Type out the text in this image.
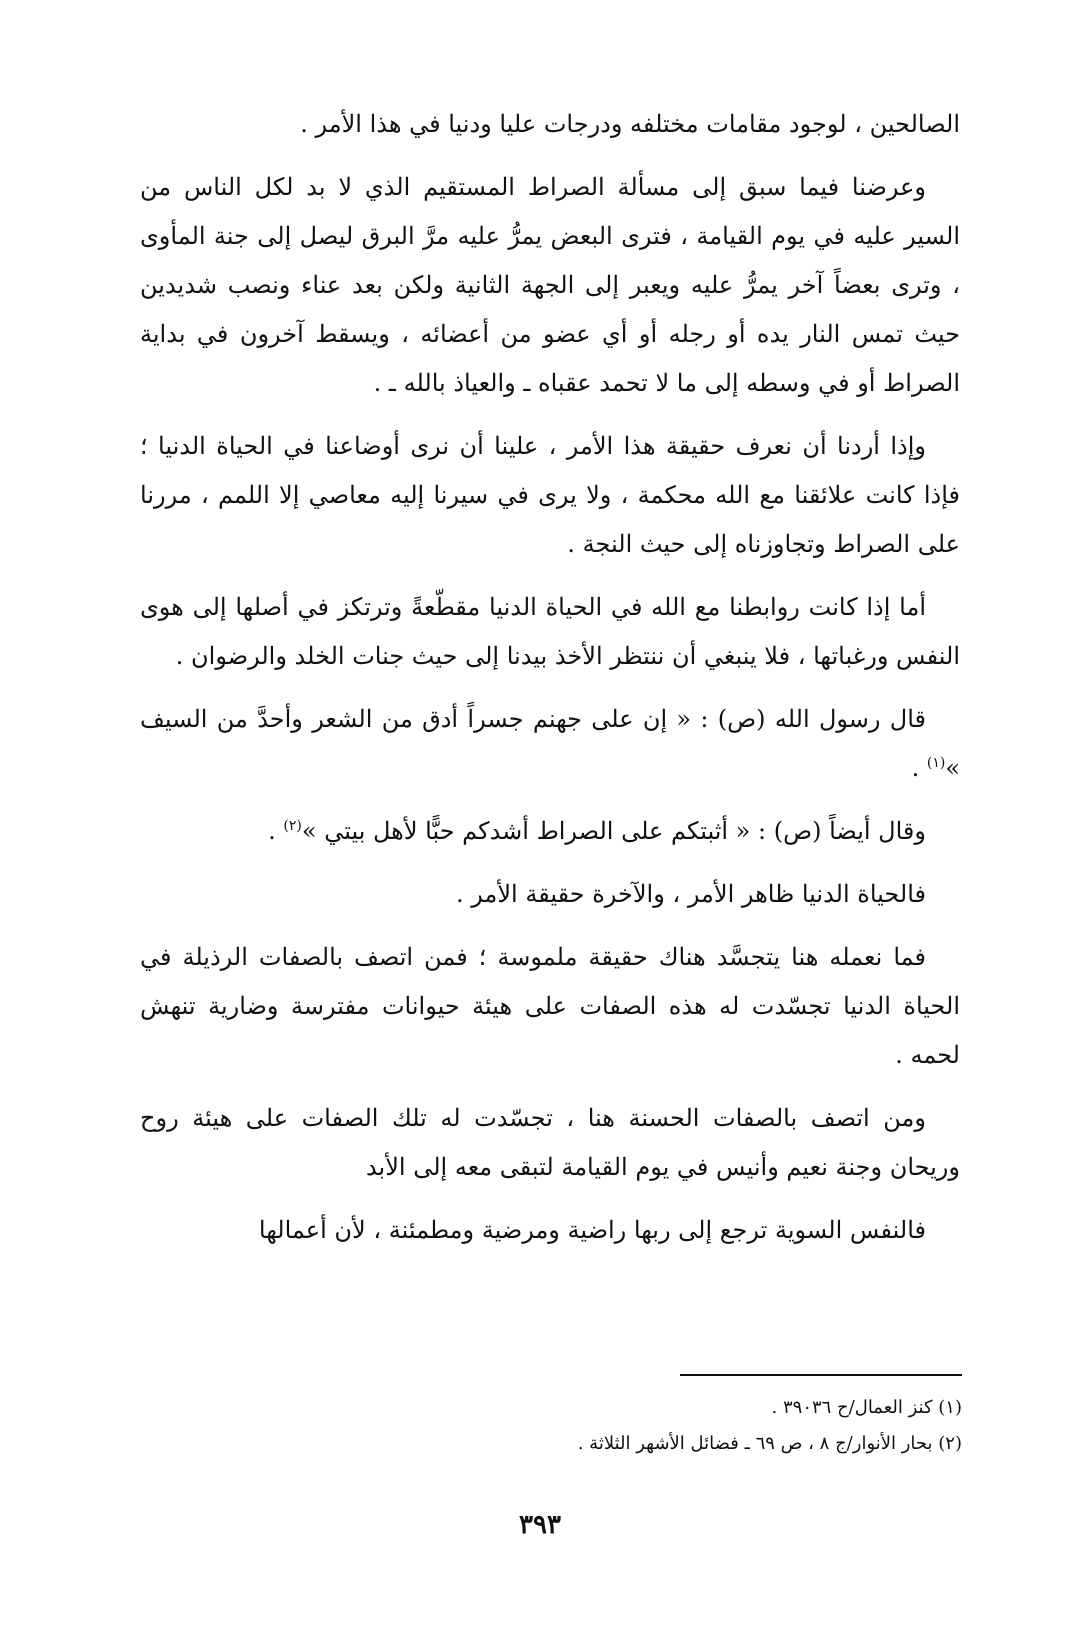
الصالحين ، لوجود مقامات مختلفه ودرجات عليا ودنيا في هذا الأمر .

وعرضنا فيما سبق إلى مسألة الصراط المستقيم الذي لا بد لكل الناس من السير عليه في يوم القيامة ، فترى البعض يمرُّ عليه مرَّ البرق ليصل إلى جنة المأوى ، وترى بعضاً آخر يمرُّ عليه ويعبر إلى الجهة الثانية ولكن بعد عناء ونصب شديدين حيث تمس النار يده أو رجله أو أي عضو من أعضائه ، ويسقط آخرون في بداية الصراط أو في وسطه إلى ما لا تحمد عقباه ـ والعياذ بالله ـ .

وإذا أردنا أن نعرف حقيقة هذا الأمر ، علينا أن نرى أوضاعنا في الحياة الدنيا ؛ فإذا كانت علائقنا مع الله محكمة ، ولا يرى في سيرنا إليه معاصي إلا اللمم ، مررنا على الصراط وتجاوزناه إلى حيث النجة .

أما إذا كانت روابطنا مع الله في الحياة الدنيا مقطّعةً وترتكز في أصلها إلى هوى النفس ورغباتها ، فلا ينبغي أن ننتظر الأخذ بيدنا إلى حيث جنات الخلد والرضوان .

قال رسول الله (ص) : « إن على جهنم جسراً أدق من الشعر وأحدَّ من السيف »$^{(١)}$ .

وقال أيضاً (ص) : « أثبتكم على الصراط أشدكم حبًّا لأهل بيتي »$^{(٢)}$ .

فالحياة الدنيا ظاهر الأمر ، والآخرة حقيقة الأمر .

فما نعمله هنا يتجسَّد هناك حقيقة ملموسة ؛ فمن اتصف بالصفات الرذيلة في الحياة الدنيا تجسّدت له هذه الصفات على هيئة حيوانات مفترسة وضارية تنهش لحمه .

ومن اتصف بالصفات الحسنة هنا ، تجسّدت له تلك الصفات على هيئة روح وريحان وجنة نعيم وأنيس في يوم القيامة لتبقى معه إلى الأبد

فالنفس السوية ترجع إلى ربها راضية ومرضية ومطمئنة ، لأن أعمالها

(١) كنز العمال/ح ٣٩٠٣٦ .

(٢) بحار الأنوار/ج ٨ ، ص ٦٩ ـ فضائل الأشهر الثلاثة .

٣٩٣
